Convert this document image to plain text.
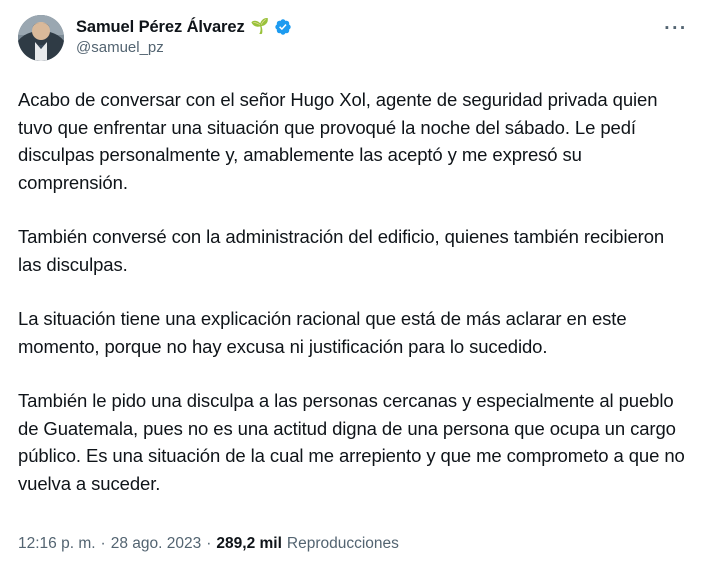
Samuel Pérez Álvarez 🌱
@samuel_pz
···

Acabo de conversar con el señor Hugo Xol, agente de seguridad privada quien tuvo que enfrentar una situación que provoqué la noche del sábado. Le pedí disculpas personalmente y, amablemente las aceptó y me expresó su comprensión.

También conversé con la administración del edificio, quienes también recibieron las disculpas.

La situación tiene una explicación racional que está de más aclarar en este momento, porque no hay excusa ni justificación para lo sucedido.

También le pido una disculpa a las personas cercanas y especialmente al pueblo de Guatemala, pues no es una actitud digna de una persona que ocupa un cargo público. Es una situación de la cual me arrepiento y que me comprometo a que no vuelva a suceder.

12:16 p. m. · 28 ago. 2023 · 289,2 mil Reproducciones
